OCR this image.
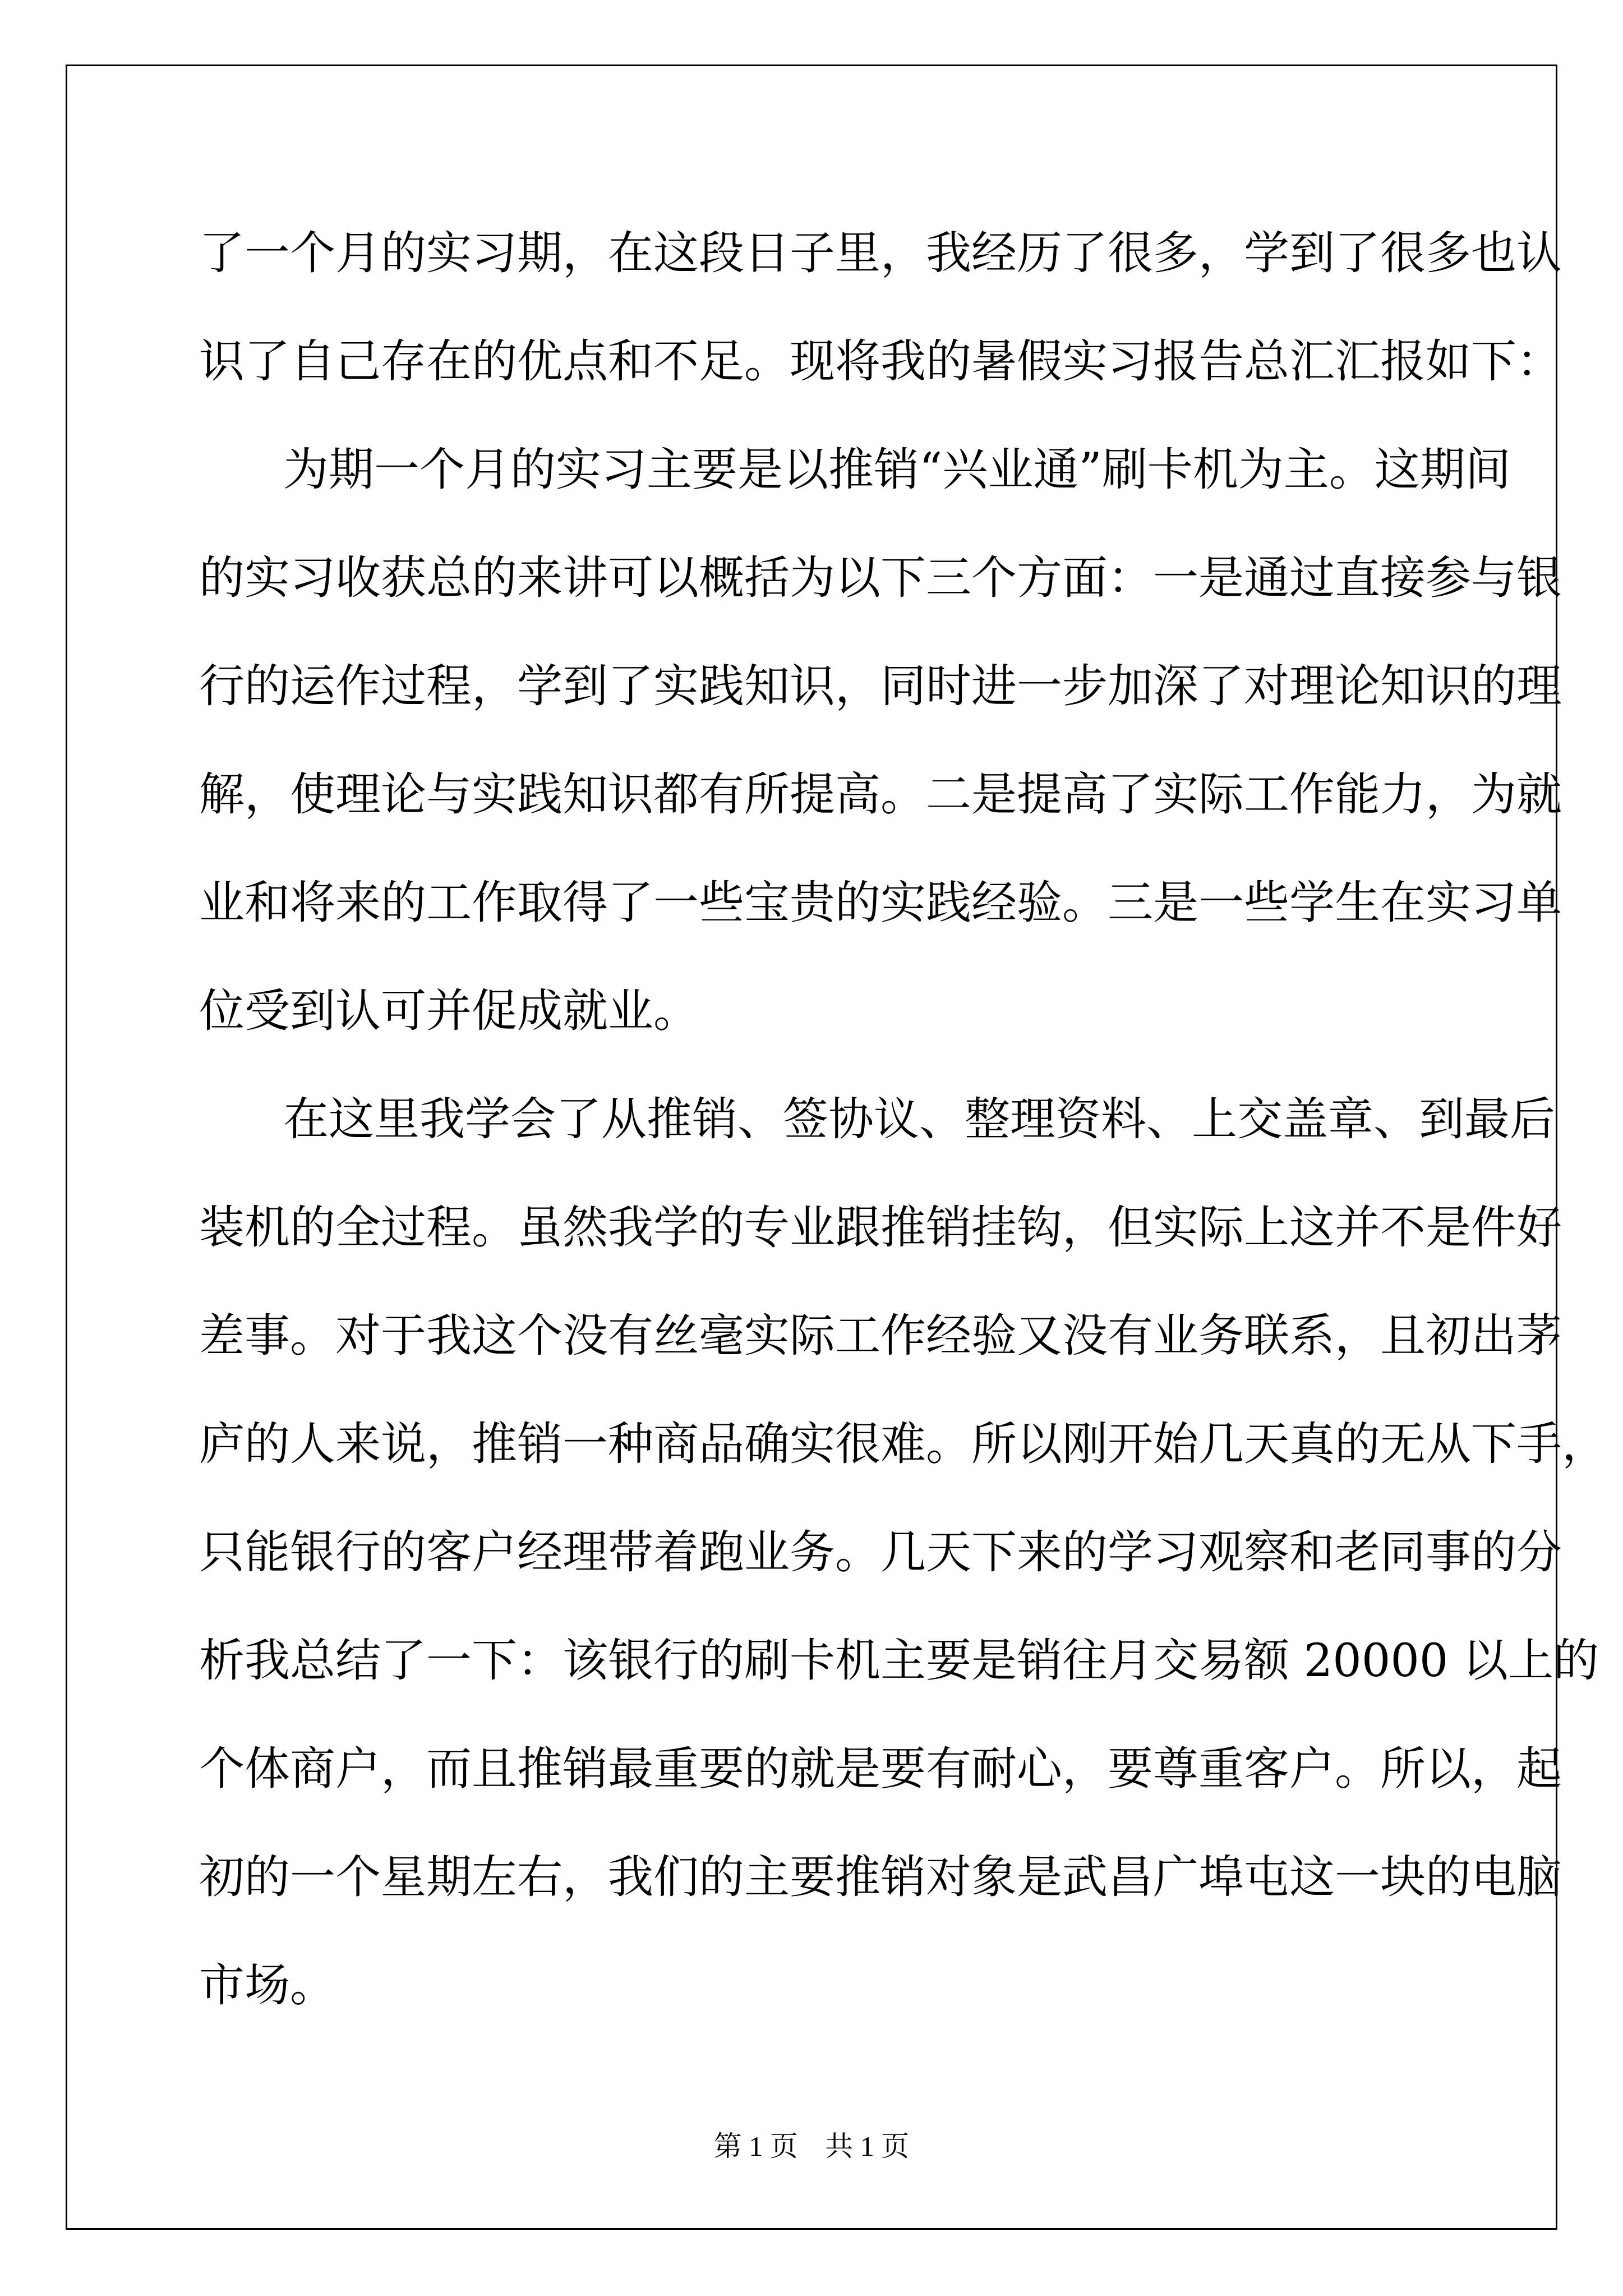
了一个月的实习期，在这段日子里，我经历了很多，学到了很多也认
识了自己存在的优点和不足。现将我的暑假实习报告总汇汇报如下：
为期一个月的实习主要是以推销“兴业通”刷卡机为主。这期间
的实习收获总的来讲可以概括为以下三个方面：一是通过直接参与银
行的运作过程，学到了实践知识，同时进一步加深了对理论知识的理
解，使理论与实践知识都有所提高。二是提高了实际工作能力，为就
业和将来的工作取得了一些宝贵的实践经验。三是一些学生在实习单
位受到认可并促成就业。
在这里我学会了从推销、签协议、整理资料、上交盖章、到最后
装机的全过程。虽然我学的专业跟推销挂钩，但实际上这并不是件好
差事。对于我这个没有丝毫实际工作经验又没有业务联系，且初出茅
庐的人来说，推销一种商品确实很难。所以刚开始几天真的无从下手，
只能银行的客户经理带着跑业务。几天下来的学习观察和老同事的分
析我总结了一下：该银行的刷卡机主要是销往月交易额 20000 以上的
个体商户，而且推销最重要的就是要有耐心，要尊重客户。所以，起
初的一个星期左右，我们的主要推销对象是武昌广埠屯这一块的电脑
市场。
第 1 页 共 1 页
